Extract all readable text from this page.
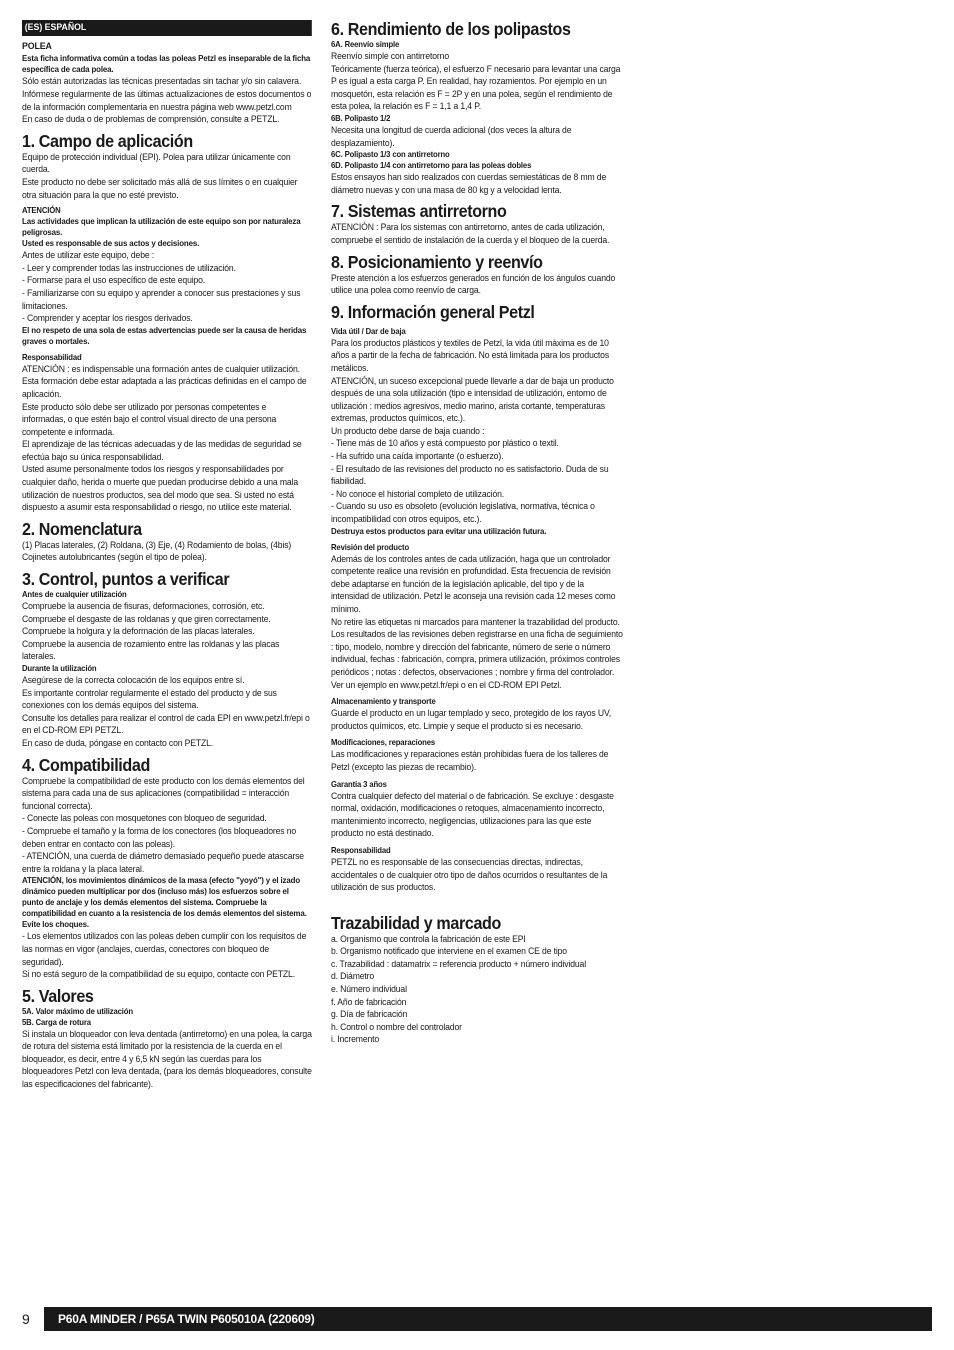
(ES) ESPAÑOL
POLEA

Esta ficha informativa común a todas las poleas Petzl es inseparable de la ficha específica de cada polea.

Sólo están autorizadas las técnicas presentadas sin tachar y/o sin calavera. Infórmese regularmente de las últimas actualizaciones de estos documentos o de la información complementaria en nuestra página web www.petzl.com

En caso de duda o de problemas de comprensión, consulte a PETZL.

1. Campo de aplicación

Equipo de protección individual (EPI). Polea para utilizar únicamente con cuerda.

Este producto no debe ser solicitado más allá de sus límites o en cualquier otra situación para la que no esté previsto.

ATENCIÓN

Las actividades que implican la utilización de este equipo son por naturaleza peligrosas.

Usted es responsable de sus actos y decisiones.

Antes de utilizar este equipo, debe :

- Leer y comprender todas las instrucciones de utilización.

- Formarse para el uso específico de este equipo.

- Familiarizarse con su equipo y aprender a conocer sus prestaciones y sus limitaciones.

- Comprender y aceptar los riesgos derivados.

El no respeto de una sola de estas advertencias puede ser la causa de heridas graves o mortales.

Responsabilidad

ATENCIÓN : es indispensable una formación antes de cualquier utilización. Esta formación debe estar adaptada a las prácticas definidas en el campo de aplicación.

Este producto sólo debe ser utilizado por personas competentes e informadas, o que estén bajo el control visual directo de una persona competente e informada.

El aprendizaje de las técnicas adecuadas y de las medidas de seguridad se efectúa bajo su única responsabilidad.

Usted asume personalmente todos los riesgos y responsabilidades por cualquier daño, herida o muerte que puedan producirse debido a una mala utilización de nuestros productos, sea del modo que sea. Si usted no está dispuesto a asumir esta responsabilidad o riesgo, no utilice este material.

2. Nomenclatura

(1) Placas laterales, (2) Roldana, (3) Eje, (4) Rodamiento de bolas, (4bis) Cojinetes autolubricantes (según el tipo de polea).

3. Control, puntos a verificar
Antes de cualquier utilización

Compruebe la ausencia de fisuras, deformaciones, corrosión, etc.

Compruebe el desgaste de las roldanas y que giren correctamente.

Compruebe la holgura y la deformación de las placas laterales.

Compruebe la ausencia de rozamiento entre las roldanas y las placas laterales.

Durante la utilización

Asegúrese de la correcta colocación de los equipos entre sí.

Es importante controlar regularmente el estado del producto y de sus conexiones con los demás equipos del sistema.

Consulte los detalles para realizar el control de cada EPI en www.petzl.fr/epi o en el CD-ROM EPI PETZL.

En caso de duda, póngase en contacto con PETZL.

4. Compatibilidad

Compruebe la compatibilidad de este producto con los demás elementos del sistema para cada una de sus aplicaciones (compatibilidad = interacción funcional correcta).

- Conecte las poleas con mosquetones con bloqueo de seguridad.

- Compruebe el tamaño y la forma de los conectores (los bloqueadores no deben entrar en contacto con las poleas).

- ATENCIÓN, una cuerda de diámetro demasiado pequeño puede atascarse entre la roldana y la placa lateral.

ATENCIÓN, los movimientos dinámicos de la masa (efecto "yoyó") y el izado dinámico pueden multiplicar por dos (incluso más) los esfuerzos sobre el punto de anclaje y los demás elementos del sistema. Compruebe la compatibilidad en cuanto a la resistencia de los demás elementos del sistema. Evite los choques.

- Los elementos utilizados con las poleas deben cumplir con los requisitos de las normas en vigor (anclajes, cuerdas, conectores con bloqueo de seguridad).

Si no está seguro de la compatibilidad de su equipo, contacte con PETZL.

5. Valores
5A. Valor máximo de utilización
5B. Carga de rotura

Si instala un bloqueador con leva dentada (antirretorno) en una polea, la carga de rotura del sistema está limitado por la resistencia de la cuerda en el bloqueador, es decir, entre 4 y 6,5 kN según las cuerdas para los bloqueadores Petzl con leva dentada, (para los demás bloqueadores, consulte las especificaciones del fabricante).

6. Rendimiento de los polipastos
6A. Reenvío simple

Reenvío simple con antirretorno

Teóricamente (fuerza teórica), el esfuerzo F necesario para levantar una carga P es igual a esta carga P. En realidad, hay rozamientos. Por ejemplo en un mosquetón, esta relación es F = 2P y en una polea, según el rendimiento de esta polea, la relación es F = 1,1 a 1,4 P.

6B. Polipasto 1/2

Necesita una longitud de cuerda adicional (dos veces la altura de desplazamiento).

6C. Polipasto 1/3 con antirretorno
6D. Polipasto 1/4 con antirretorno para las poleas dobles

Estos ensayos han sido realizados con cuerdas semiestáticas de 8 mm de diámetro nuevas y con una masa de 80 kg y a velocidad lenta.

7. Sistemas antirretorno

ATENCIÓN : Para los sistemas con antirretorno, antes de cada utilización, compruebe el sentido de instalación de la cuerda y el bloqueo de la cuerda.

8. Posicionamiento y reenvío

Preste atención a los esfuerzos generados en función de los ángulos cuando utilice una polea como reenvío de carga.

9. Información general Petzl
Vida útil / Dar de baja

Para los productos plásticos y textiles de Petzl, la vida útil máxima es de 10 años a partir de la fecha de fabricación. No está limitada para los productos metálicos.

ATENCIÓN, un suceso excepcional puede llevarle a dar de baja un producto después de una sola utilización (tipo e intensidad de utilización, entorno de utilización : medios agresivos, medio marino, arista cortante, temperaturas extremas, productos químicos, etc.).

Un producto debe darse de baja cuando :

- Tiene más de 10 años y está compuesto por plástico o textil.

- Ha sufrido una caída importante (o esfuerzo).

- El resultado de las revisiones del producto no es satisfactorio. Duda de su fiabilidad.

- No conoce el historial completo de utilización.

- Cuando su uso es obsoleto (evolución legislativa, normativa, técnica o incompatibilidad con otros equipos, etc.).

Destruya estos productos para evitar una utilización futura.

Revisión del producto

Además de los controles antes de cada utilización, haga que un controlador competente realice una revisión en profundidad. Esta frecuencia de revisión debe adaptarse en función de la legislación aplicable, del tipo y de la intensidad de utilización. Petzl le aconseja una revisión cada 12 meses como mínimo.

No retire las etiquetas ni marcados para mantener la trazabilidad del producto.

Los resultados de las revisiones deben registrarse en una ficha de seguimiento : tipo, modelo, nombre y dirección del fabricante, número de serie o número individual, fechas : fabricación, compra, primera utilización, próximos controles periódicos ; notas : defectos, observaciones ; nombre y firma del controlador.

Ver un ejemplo en www.petzl.fr/epi o en el CD-ROM EPI Petzl.

Almacenamiento y transporte

Guarde el producto en un lugar templado y seco, protegido de los rayos UV, productos químicos, etc. Limpie y seque el producto si es necesario.

Modificaciones, reparaciones

Las modificaciones y reparaciones están prohibidas fuera de los talleres de Petzl (excepto las piezas de recambio).

Garantía 3 años

Contra cualquier defecto del material o de fabricación. Se excluye : desgaste normal, oxidación, modificaciones o retoques, almacenamiento incorrecto, mantenimiento incorrecto, negligencias, utilizaciones para las que este producto no está destinado.

Responsabilidad

PETZL no es responsable de las consecuencias directas, indirectas, accidentales o de cualquier otro tipo de daños ocurridos o resultantes de la utilización de sus productos.

Trazabilidad y marcado

a. Organismo que controla la fabricación de este EPI

b. Organismo notificado que interviene en el examen CE de tipo

c. Trazabilidad : datamatrix = referencia producto + número individual

d. Diámetro

e. Número individual

f. Año de fabricación

g. Día de fabricación

h. Control o nombre del controlador

i. Incremento

9	P60A MINDER / P65A TWIN P605010A (220609)
